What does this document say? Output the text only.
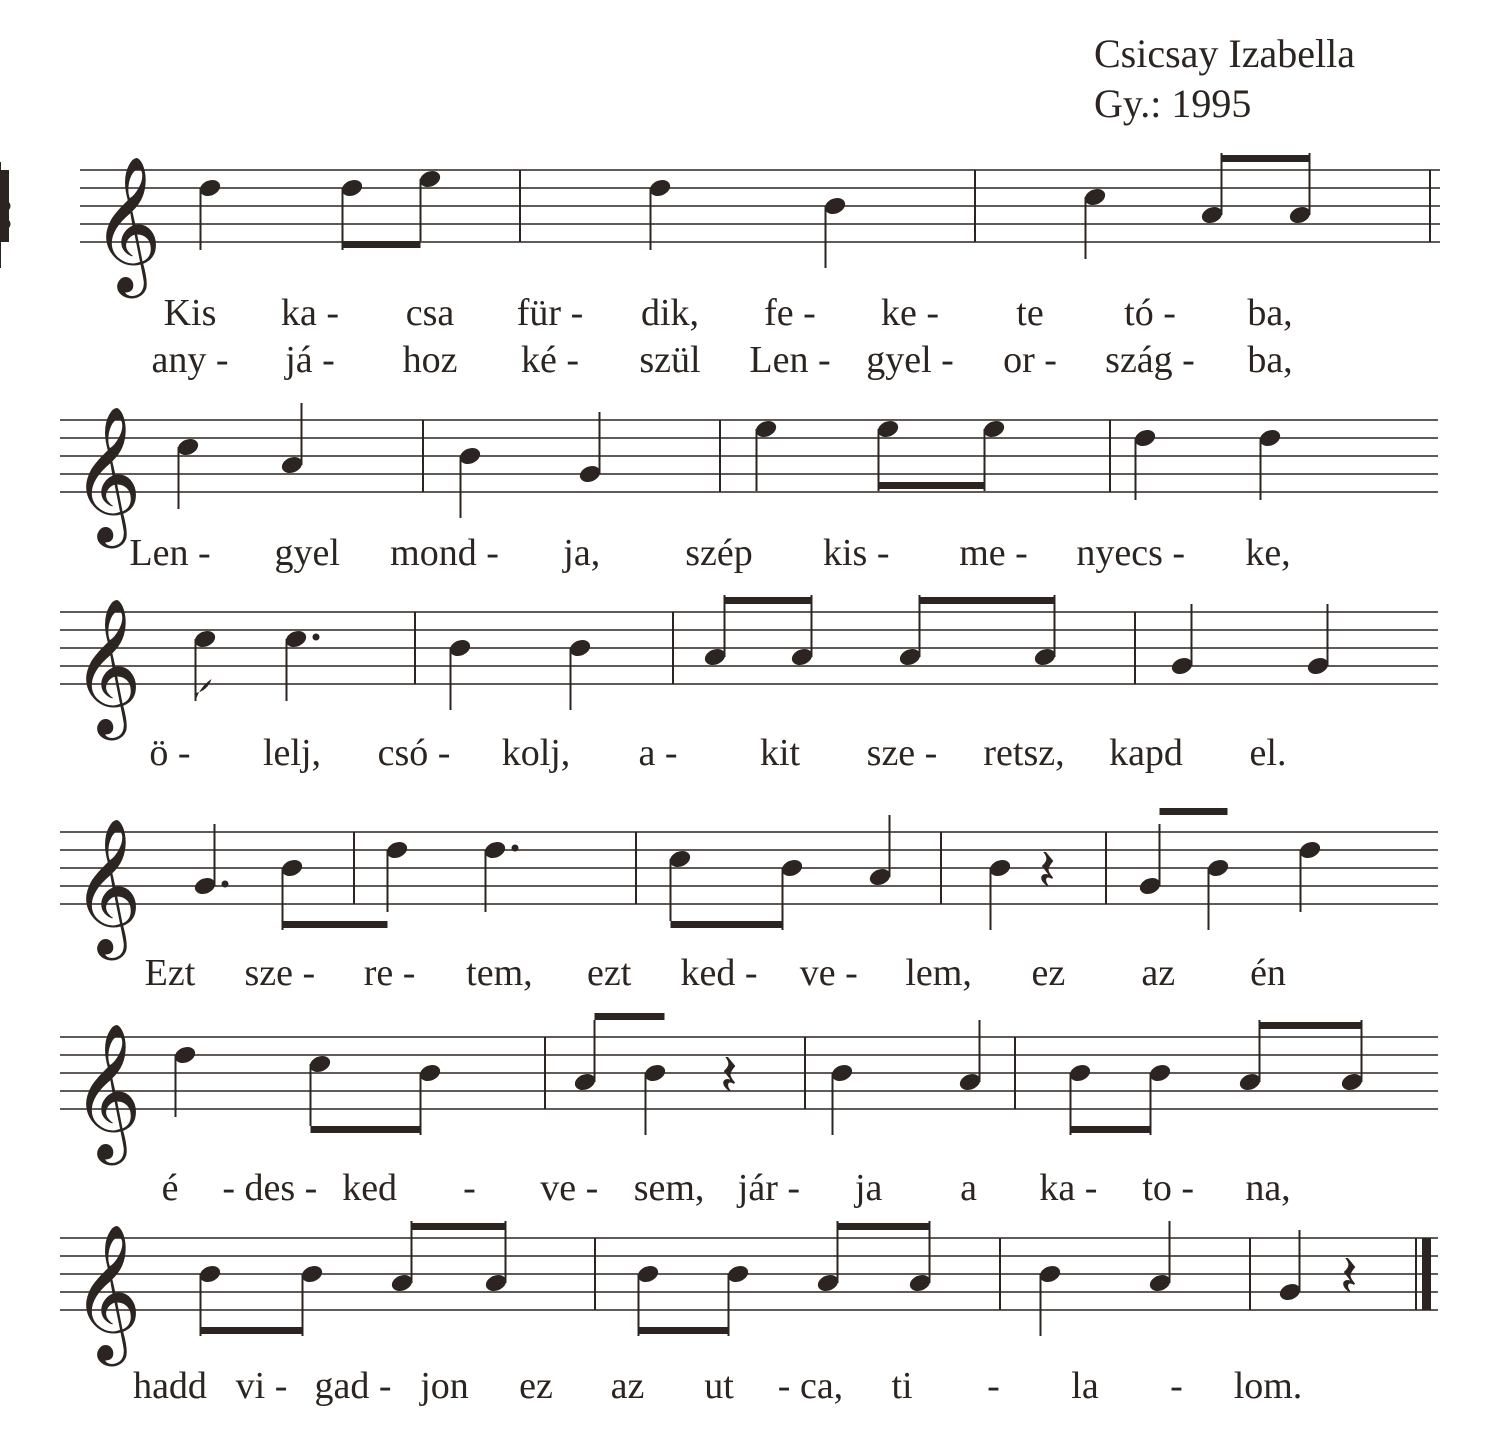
Csicsay Izabella
Gy.: 1995
𝄞
Kis ka - csa für - dik, fe - ke - te tó - ba,
any - já - hoz ké - szül Len - gyel - or - szág - ba,
𝄞
Len - gyel mond - ja, szép kis - me - nyecs - ke,
𝄞
ö - lelj, csó - kolj, a - kit sze - retsz, kapd el.
𝄞	𝄽
Ezt sze - re - tem, ezt ked - ve - lem, ez az én
𝄞	𝄽
é - des - ked - ve - sem, jár - ja a ka - to - na,
𝄞	𝄽
hadd vi - gad - jon ez az ut - ca, ti - la - lom.
